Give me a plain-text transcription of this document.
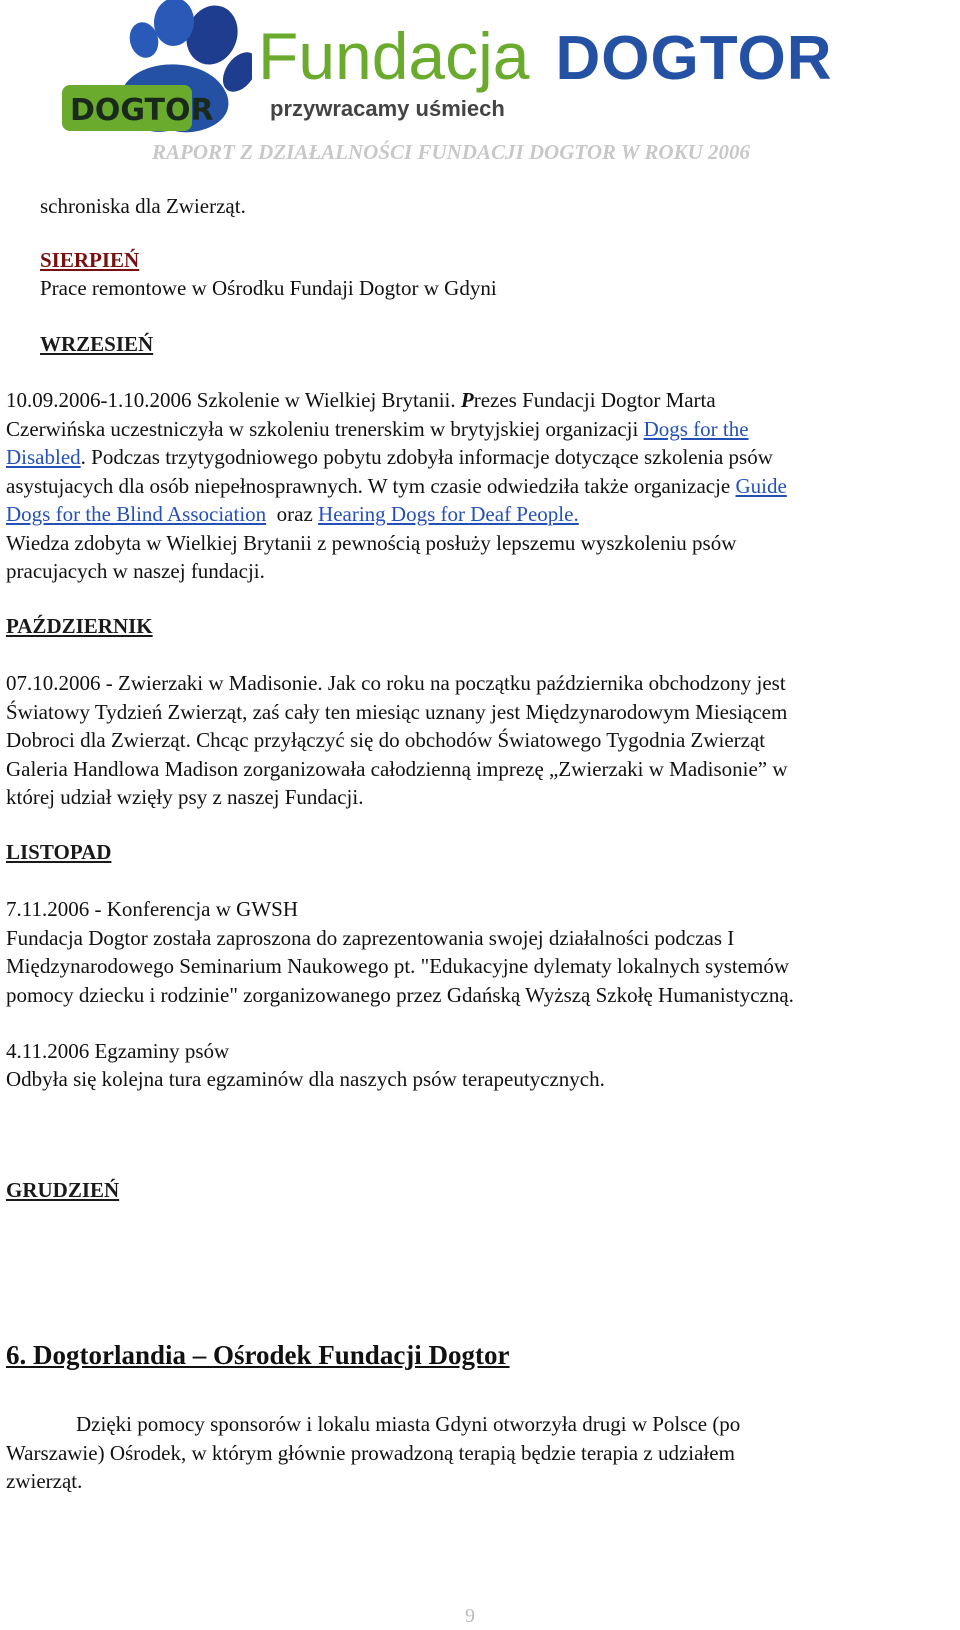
DOGTOR
Fundacja DOGTOR
przywracamy uśmiech
RAPORT Z DZIAŁALNOŚCI FUNDACJI DOGTOR W ROKU 2006
schroniska dla Zwierząt.
SIERPIEŃ
Prace remontowe w Ośrodku Fundaji Dogtor w Gdyni
WRZESIEŃ
10.09.2006-1.10.2006 Szkolenie w Wielkiej Brytanii. Prezes Fundacji Dogtor Marta
Czerwińska uczestniczyła w szkoleniu trenerskim w brytyjskiej organizacji Dogs for the
Disabled. Podczas trzytygodniowego pobytu zdobyła informacje dotyczące szkolenia psów
asystujacych dla osób niepełnosprawnych. W tym czasie odwiedziła także organizacje Guide
Dogs for the Blind Association  oraz Hearing Dogs for Deaf People.
Wiedza zdobyta w Wielkiej Brytanii z pewnością posłuży lepszemu wyszkoleniu psów
pracujacych w naszej fundacji.
PAŹDZIERNIK
07.10.2006 - Zwierzaki w Madisonie. Jak co roku na początku października obchodzony jest
Światowy Tydzień Zwierząt, zaś cały ten miesiąc uznany jest Międzynarodowym Miesiącem
Dobroci dla Zwierząt. Chcąc przyłączyć się do obchodów Światowego Tygodnia Zwierząt
Galeria Handlowa Madison zorganizowała całodzienną imprezę „Zwierzaki w Madisonie” w
której udział wzięły psy z naszej Fundacji.
LISTOPAD
7.11.2006 - Konferencja w GWSH
Fundacja Dogtor została zaproszona do zaprezentowania swojej działalności podczas I
Międzynarodowego Seminarium Naukowego pt. "Edukacyjne dylematy lokalnych systemów
pomocy dziecku i rodzinie" zorganizowanego przez Gdańską Wyższą Szkołę Humanistyczną.
4.11.2006 Egzaminy psów
Odbyła się kolejna tura egzaminów dla naszych psów terapeutycznych.
GRUDZIEŃ
6. Dogtorlandia – Ośrodek Fundacji Dogtor
Dzięki pomocy sponsorów i lokalu miasta Gdyni otworzyła drugi w Polsce (po
Warszawie) Ośrodek, w którym głównie prowadzoną terapią będzie terapia z udziałem
zwierząt.
9
